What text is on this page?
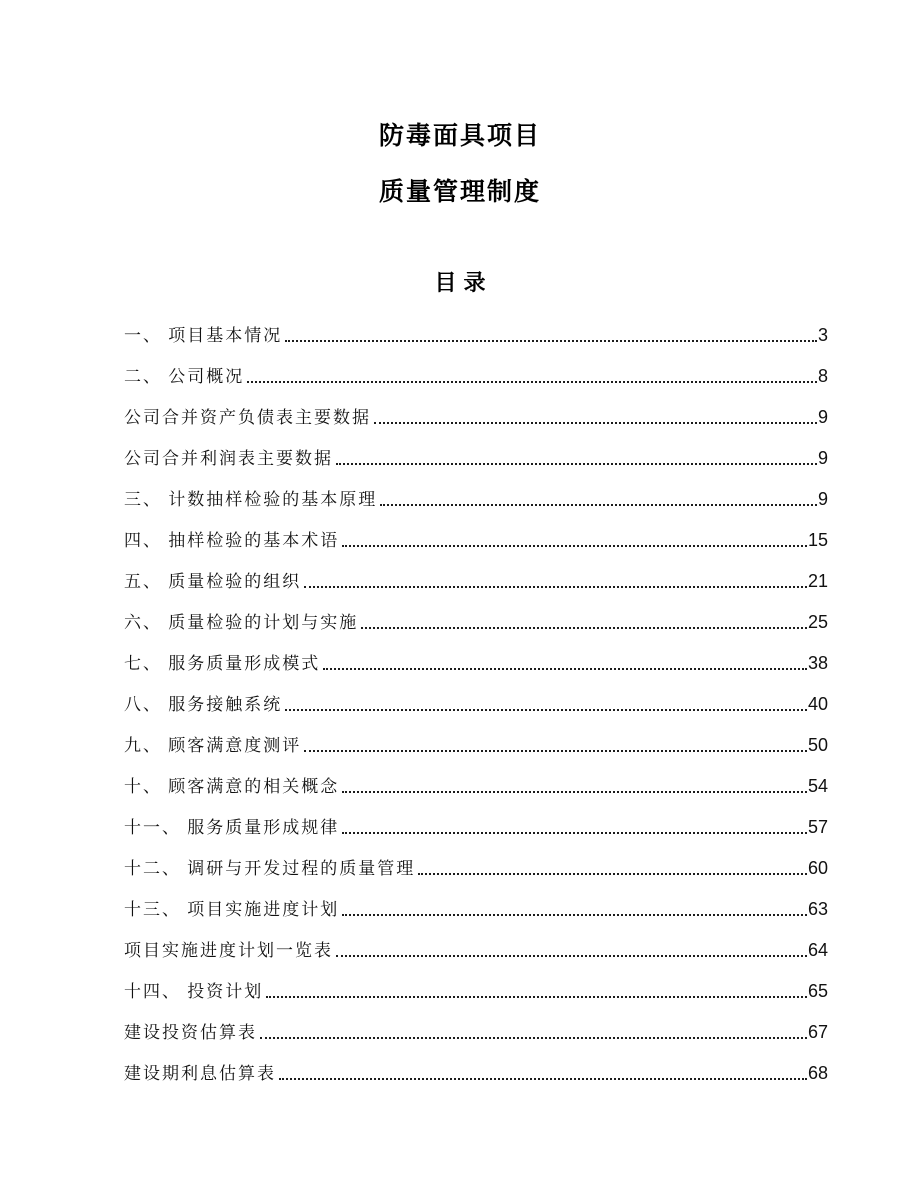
防毒面具项目
质量管理制度
目录
一、 项目基本情况	3
二、 公司概况	8
公司合并资产负债表主要数据	9
公司合并利润表主要数据	9
三、 计数抽样检验的基本原理	9
四、 抽样检验的基本术语	15
五、 质量检验的组织	21
六、 质量检验的计划与实施	25
七、 服务质量形成模式	38
八、 服务接触系统	40
九、 顾客满意度测评	50
十、 顾客满意的相关概念	54
十一、 服务质量形成规律	57
十二、 调研与开发过程的质量管理	60
十三、 项目实施进度计划	63
项目实施进度计划一览表	64
十四、 投资计划	65
建设投资估算表	67
建设期利息估算表	68
